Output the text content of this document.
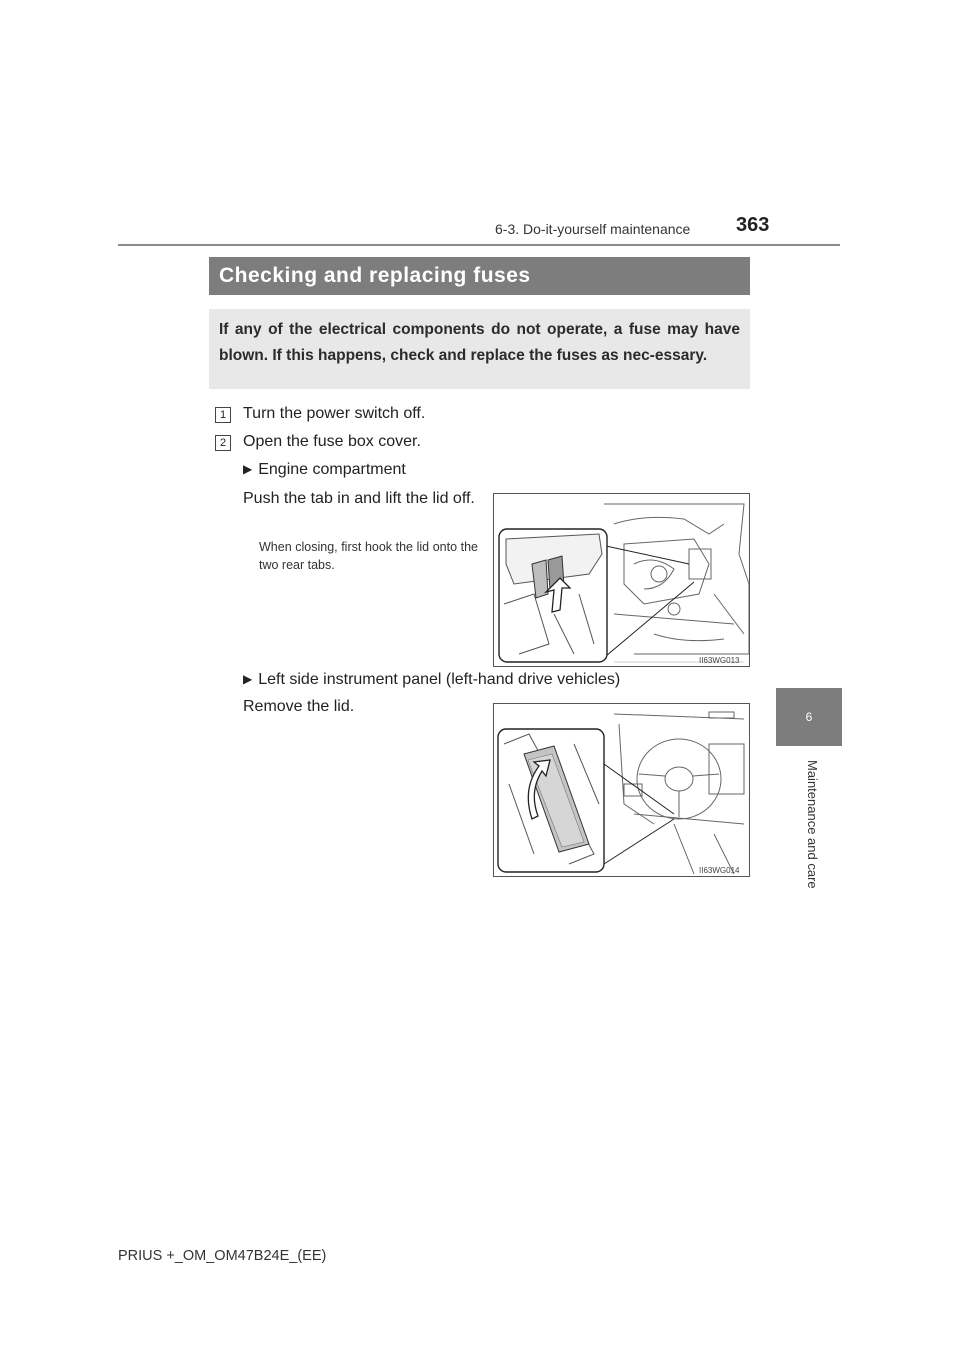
6-3. Do-it-yourself maintenance 363
Checking and replacing fuses
If any of the electrical components do not operate, a fuse may have blown. If this happens, check and replace the fuses as nec-essary.
1	Turn the power switch off.
2	Open the fuse box cover.
▶ Engine compartment
Push the tab in and lift the lid off.
When closing, first hook the lid onto the two rear tabs.
II63WG013
▶ Left side instrument panel (left-hand drive vehicles)
Remove the lid.
II63WG014
6
Maintenance and care
PRIUS +_OM_OM47B24E_(EE)
